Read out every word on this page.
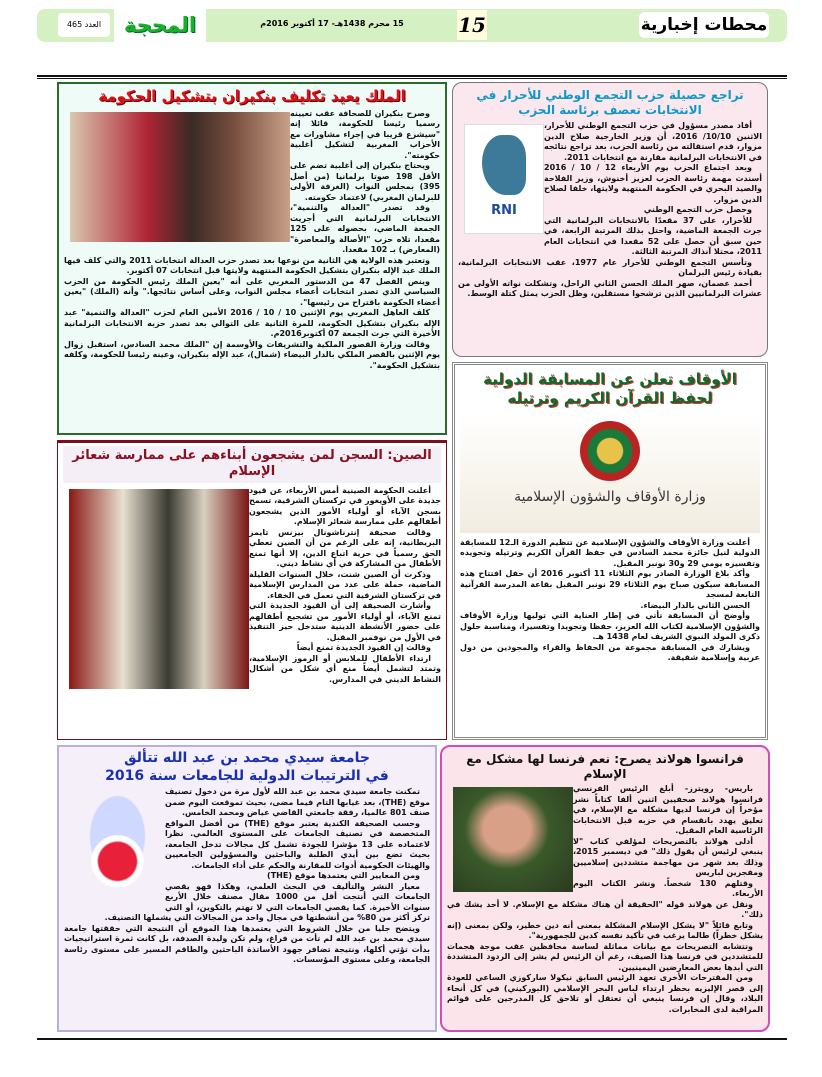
محطات إخبارية
15
15 محرم 1438هـ- 17 أكتوبر 2016م
المحجة
العدد 465
الملك يعيد تكليف بنكيران بتشكيل الحكومة

وصرح بنكيران للصحافة عقب تعيينه رسميا رئيسا للحكومة، قائلا إنه "سيشرع قريبا في إجراء مشاورات مع الأحزاب المغربية لتشكيل أغلبية حكومته".

ويحتاج بنكيران إلى أغلبية تضم على الأقل 198 صوتا برلمانيا (من أصل 395) بمجلس النواب (الغرفة الأولى للبرلمان المغربي) لاعتماد حكومته.

وقد تصدر "العدالة والتنمية"، الانتخابات البرلمانية التي أجريت الجمعة الماضي، بحصوله على 125 مقعدا، تلاه حزب "الأصالة والمعاصرة" (المعارض) بـ 102 مقعدا.

وتعتبر هذه الولاية هي الثانية من نوعها بعد تصدر حزب العدالة انتخابات 2011 والتي كلف فيها الملك عبد الإله بنكيران بتشكيل الحكومة المنتهية ولايتها قبل انتخابات 07 أكتوبر.

وينص الفصل 47 من الدستور المغربي على أنه "يعين الملك رئيس الحكومة من الحزب السياسي الذي تصدر انتخابات أعضاء مجلس النواب، وعلى أساس نتائجها." وأنه (الملك) "يعين أعضاء الحكومة باقتراح من رئيسها".

كلف العاهل المغربي يوم الإثنين 10 / 10 / 2016 الأمين العام لحزب "العدالة والتنمية" عبد الإله بنكيران بتشكيل الحكومة، للمرة الثانية على التوالي بعد تصدر حزبه الانتخابات البرلمانية الأخيرة التي جرت الجمعة 07 أكتوبر2016م.

وقالت وزارة القصور الملكية والتشريفات والأوسمة إن "الملك محمد السادس، استقبل زوال يوم الإثنين بالقصر الملكي بالدار البيضاء (شمال)، عبد الإله بنكيران، وعينه رئيسا للحكومة، وكلفه بتشكيل الحكومة".

تراجع حصيلة حزب التجمع الوطني للأحرار في الانتخابات تعصف برئاسة الحزب
RNI

أفاد مصدر مسؤول في حزب التجمع الوطني للأحرار، الاثنين 10/10/ 2016، أن وزير الخارجية صلاح الدين مزوار، قدم استقالته من رئاسة الحزب، بعد تراجع نتائجه في الانتخابات البرلمانية مقارنة مع انتخابات 2011.

وبعد اجتماع الحزب يوم الأربعاء 12 / 10 / 2016 أسندت مهمة رئاسة الحزب لعزيز أخنوش، وزير الفلاحة والصيد البحري في الحكومة المنتهية ولايتها، خلفا لصلاح الدين مزوار.

وحصل حزب التجمع الوطني

للأحرار، على 37 مقعدًا بالانتخابات البرلمانية التي جرت الجمعة الماضية، واحتل بذلك المرتبة الرابعة، في حين سبق أن حصل على 52 مقعدا في انتخابات العام 2011، محتلا آنذاك المرتبة الثالثة.

وتأسس التجمع الوطني للأحرار عام 1977، عقب الانتخابات البرلمانية، بقيادة رئيس البرلمان

أحمد عصمان، صهر الملك الحسن الثاني الراحل، وتشكلت نواته الأولى من عشرات البرلمانيين الذين ترشحوا مستقلين، وظل الحزب يمثل كتلة الوسط.

الأوقاف تعلن عن المسابقة الدولية لحفظ القرآن الكريم وترتيله
وزارة الأوقاف والشؤون الإسلامية

أعلنت وزارة الأوقاف والشؤون الإسلامية عن تنظيم الدورة الـ12 للمسابقة الدولية لنيل جائزة محمد السادس في حفظ القرآن الكريم وترتيله وتجويده وتفسيره يومي 29 و30 نونبر المقبل.

وأكد بلاغ الوزارة الصادر يوم الثلاثاء 11 أكتوبر 2016 أن حفل افتتاح هذه المسابقة سيكون صباح يوم الثلاثاء 29 نونبر المقبل بقاعة المدرسة القرآنية التابعة لمسجد

الحسن الثاني بالدار البيضاء.

وأوضح أن المسابقة تأتي في إطار العناية التي توليها وزارة الأوقاف والشؤون الإسلامية لكتاب الله العزيز، حفظا وتجويدا وتفسيرا، ومناسبة حلول ذكرى المولد النبوي الشريف لعام 1438 هـ.

ويشارك في المسابقة مجموعة من الحفاظ والقراء والمجودين من دول عربية وإسلامية شقيقة.

الصين: السجن لمن يشجعون أبناءهم على ممارسة شعائر الإسلام

أعلنت الحكومة الصينية أمس الأربعاء، عن قيود جديدة على الأويغور في تركستان الشرقية، تسمح بسجن الآباء أو أولياء الأمور الذين يشجعون أطفالهم على ممارسة شعائر الإسلام.

وقالت صحيفة إنترناشونال بيزنس تايمز البريطانية، إنه على الرغم من أن الصين تعطي الحق رسمياً في حرية اتباع الدين، إلا أنها تمنع الأطفال من المشاركة في أي نشاط ديني.

وذكرت أن الصين شنت، خلال السنوات القليلة الماضية، حملة على عدد من المدارس الإسلامية في تركستان الشرقية التي تعمل في الخفاء.

وأشارت الصحيفة إلى أن القيود الجديدة التي تمنع الآباء، أو أولياء الأمور من تشجيع أطفالهم على حضور الأنشطة الدينية ستدخل حيز التنفيذ في الأول من نوفمبر المقبل.

وقالت إن القيود الجديدة تمنع أيضاً

ارتداء الأطفال للملابس أو الرموز الإسلامية، وتمتد لتشمل أيضاً منع أي شكل من أشكال النشاط الديني في المدارس.

فرانسوا هولاند يصرح: نعم فرنسا لها مشكل مع الإسلام

باريس- رويترز- أبلغ الرئيس الفرنسي فرانسوا هولاند صحفيين اثنين ألفا كتاباً نشر مؤخراً إن فرنسا لديها مشكلة مع الإسلام، في تعليق يهدد بانقسام في حزبه قبل الانتخابات الرئاسية العام المقبل.

أدلى هولاند بالتصريحات لمؤلفي كتاب "لا ينبغي لرئيس أن يقول ذلك" في ديسمبر 2015، وذلك بعد شهر من مهاجمة متشددين إسلاميين ومفجرين لباريس

وقتلهم 130 شخصاً. ونشر الكتاب اليوم الأربعاء.

ونقل عن هولاند قوله "الحقيقة أن هناك مشكلة مع الإسلام. لا أحد يشك في ذلك".

وتابع قائلاً "لا يشكل الإسلام المشكلة بمعنى أنه دين خطير، ولكن بمعنى (إنه يشكل خطراً) طالما يرغب في تأكيد نفسه كدين للجمهورية".

وتتشابه التصريحات مع بيانات مماثلة لساسة محافظين عقب موجة هجمات للمتشددين في فرنسا هذا الصيف، رغم أن الرئيس لم يشر إلى الردود المتشددة التي أبدها بعض المعارضين اليمينيين.

ومن المقترحات الأخرى تعهد الرئيس السابق نيكولا ساركوزي الساعي للعودة إلى قصر الإليزيه بحظر ارتداء لباس البحر الإسلامي (البوركيني) في كل أنحاء البلاد، وقال إن فرنسا ينبغي أن تعتقل أو تلاحق كل المدرجين على قوائم المراقبة لدى المخابرات.

جامعة سيدي محمد بن عبد الله تتألق
في الترتيبات الدولية للجامعات سنة 2016

تمكنت جامعة سيدي محمد بن عبد الله لأول مرة من دخول تصنيف موقع (THE)، بعد غيابها التام فيما مضى، بحيث تموقعت اليوم ضمن صنف 801 عالميا، رفقة جامعتي القاضي عياض ومحمد الخامس.

وحسب الصحيفة الكندية يعتبر موقع (THE) من أفضل المواقع المتخصصة في تصنيف الجامعات على المستوى العالمي. نظرا لاعتماده على 13 مؤشرا للجودة تشمل كل مجالات تدخل الجامعة، بحيث تضع بين أيدي الطلبة والباحثين والمسؤولين الجامعيين والهيئات الحكومية أدوات للمقارنة والحكم على أداء الجامعات.

ومن المعايير التي يعتمدها موقع (THE)

معيار النشر والتأليف في البحث العلمي، وهكذا فهو يقصي الجامعات التي أنتجت أقل من 1000 مقال مصنف خلال الأربع سنوات الأخيرة. كما يقصي الجامعات التي لا تهتم بالتكوين، أو التي تركز أكثر من 80% من أنشطتها في مجال واحد من المجالات التي يشملها التصنيف.

ويتضح جليا من خلال الشروط التي يعتمدها هذا الموقع أن النتيجة التي حققتها جامعة سيدي محمد بن عبد الله لم تأت من فراغ، ولم تكن وليدة الصدفة، بل كانت ثمرة استراتيجيات بدأت تؤتي أكلها، ونتيجة تضافر جهود الأساتذة الباحثين والطاقم المسير على مستوى رئاسة الجامعة، وعلى مستوى المؤسسات.
